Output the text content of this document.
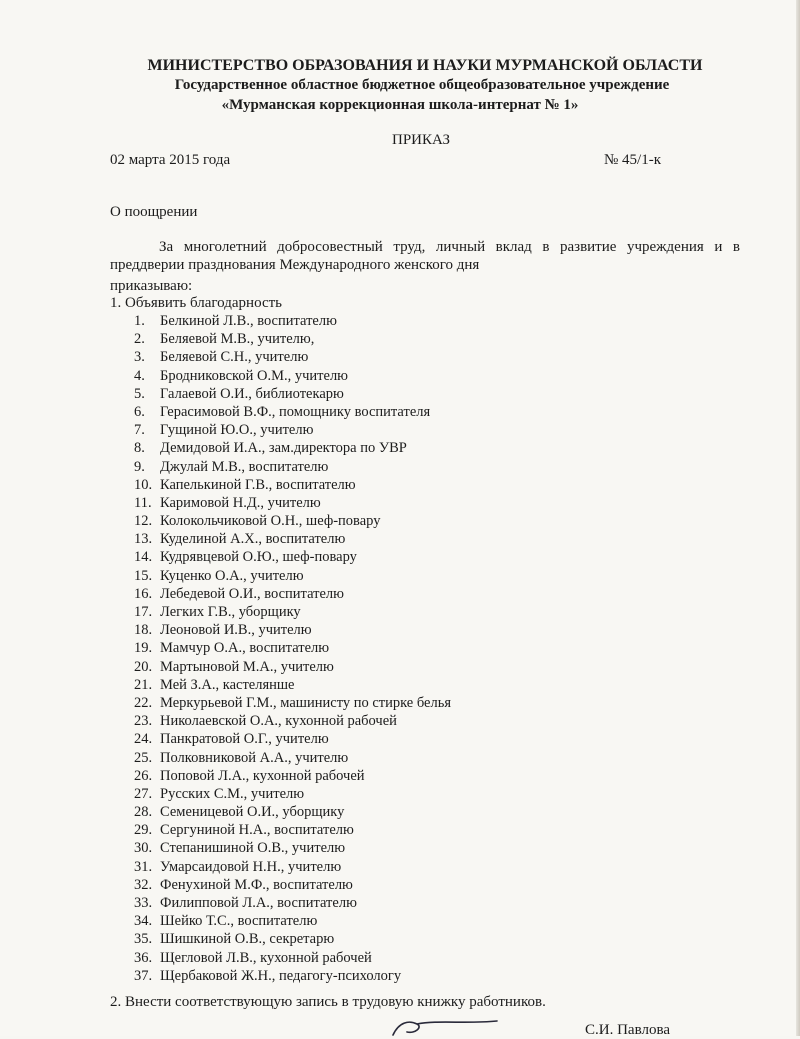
МИНИСТЕРСТВО ОБРАЗОВАНИЯ И НАУКИ МУРМАНСКОЙ ОБЛАСТИ
Государственное областное бюджетное общеобразовательное учреждение
«Мурманская коррекционная школа-интернат № 1»
ПРИКАЗ
02 марта 2015 года	№ 45/1-к
О поощрении
За многолетний добросовестный труд, личный вклад в развитие учреждения и в преддверии празднования Международного женского дня
приказываю:
1. Объявить благодарность
1. Белкиной Л.В., воспитателю
2. Беляевой М.В., учителю,
3. Беляевой С.Н., учителю
4. Бродниковской О.М., учителю
5. Галаевой О.И., библиотекарю
6. Герасимовой В.Ф., помощнику воспитателя
7. Гущиной Ю.О., учителю
8. Демидовой И.А., зам.директора по УВР
9. Джулай М.В., воспитателю
10. Капелькиной Г.В., воспитателю
11. Каримовой Н.Д., учителю
12. Колокольчиковой О.Н., шеф-повару
13. Куделиной А.Х., воспитателю
14. Кудрявцевой О.Ю., шеф-повару
15. Куценко О.А., учителю
16. Лебедевой О.И., воспитателю
17. Легких Г.В., уборщику
18. Леоновой И.В., учителю
19. Мамчур О.А., воспитателю
20. Мартыновой М.А., учителю
21. Мей З.А., кастелянше
22. Меркурьевой Г.М., машинисту по стирке белья
23. Николаевской О.А., кухонной рабочей
24. Панкратовой О.Г., учителю
25. Полковниковой А.А., учителю
26. Поповой Л.А., кухонной рабочей
27. Русских С.М., учителю
28. Семеницевой О.И., уборщику
29. Сергуниной Н.А., воспитателю
30. Степанишиной О.В., учителю
31. Умарсаидовой Н.Н., учителю
32. Фенухиной М.Ф., воспитателю
33. Филипповой Л.А., воспитателю
34. Шейко Т.С., воспитателю
35. Шишкиной О.В., секретарю
36. Щегловой Л.В., кухонной рабочей
37. Щербаковой Ж.Н., педагогу-психологу
2. Внести соответствующую запись в трудовую книжку работников.
С.И. Павлова
